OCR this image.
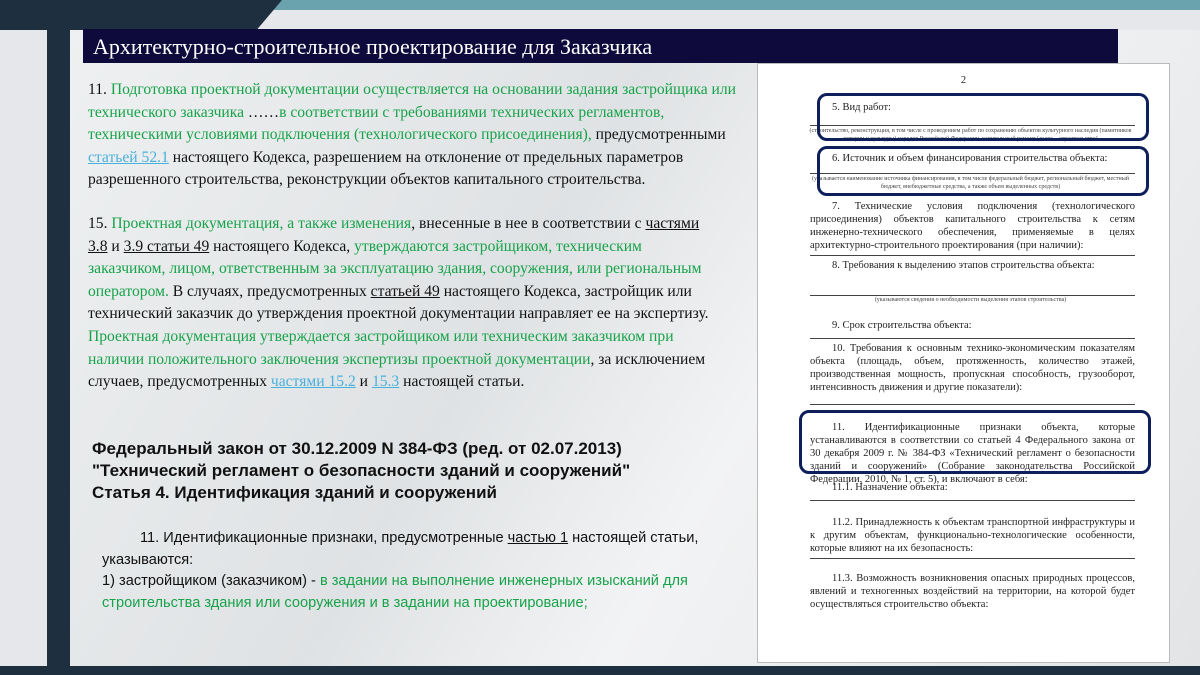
Архитектурно-строительное проектирование для Заказчика
11. Подготовка проектной документации осуществляется на основании задания застройщика или технического заказчика ……в соответствии с требованиями технических регламентов, техническими условиями подключения (технологического присоединения), предусмотренными статьей 52.1 настоящего Кодекса, разрешением на отклонение от предельных параметров разрешенного строительства, реконструкции объектов капитального строительства.
15. Проектная документация, а также изменения, внесенные в нее в соответствии с частями 3.8 и 3.9 статьи 49 настоящего Кодекса, утверждаются застройщиком, техническим заказчиком, лицом, ответственным за эксплуатацию здания, сооружения, или региональным оператором. В случаях, предусмотренных статьей 49 настоящего Кодекса, застройщик или технический заказчик до утверждения проектной документации направляет ее на экспертизу. Проектная документация утверждается застройщиком или техническим заказчиком при наличии положительного заключения экспертизы проектной документации, за исключением случаев, предусмотренных частями 15.2 и 15.3 настоящей статьи.
Федеральный закон от 30.12.2009 N 384-ФЗ (ред. от 02.07.2013)
"Технический регламент о безопасности зданий и сооружений"
Статья 4. Идентификация зданий и сооружений
11. Идентификационные признаки, предусмотренные частью 1 настоящей статьи, указываются:
1) застройщиком (заказчиком) - в задании на выполнение инженерных изысканий для строительства здания или сооружения и в задании на проектирование;
2
5. Вид работ:
(строительство, реконструкция, в том числе с проведением работ по сохранению объектов культурного наследия (памятников истории и культуры) народов Российской Федерации, капитальный ремонт (далее – строительство)
6. Источник и объем финансирования строительства объекта:
(указывается наименование источника финансирования, в том числе федеральный бюджет, региональный бюджет, местный бюджет, внебюджетные средства, а также объем выделенных средств)
7. Технические условия подключения (технологического присоединения) объектов капитального строительства к сетям инженерно-технического обеспечения, применяемые в целях архитектурно-строительного проектирования (при наличии):
8. Требования к выделению этапов строительства объекта:
(указываются сведения о необходимости выделения этапов строительства)
9. Срок строительства объекта:
10. Требования к основным технико-экономическим показателям объекта (площадь, объем, протяженность, количество этажей, производственная мощность, пропускная способность, грузооборот, интенсивность движения и другие показатели):
11. Идентификационные признаки объекта, которые устанавливаются в соответствии со статьей 4 Федерального закона от 30 декабря 2009 г. № 384-ФЗ «Технический регламент о безопасности зданий и сооружений» (Собрание законодательства Российской Федерации, 2010, № 1, ст. 5), и включают в себя:
11.1. Назначение объекта:
11.2. Принадлежность к объектам транспортной инфраструктуры и к другим объектам, функционально-технологические особенности, которые влияют на их безопасность:
11.3. Возможность возникновения опасных природных процессов, явлений и техногенных воздействий на территории, на которой будет осуществляться строительство объекта:
